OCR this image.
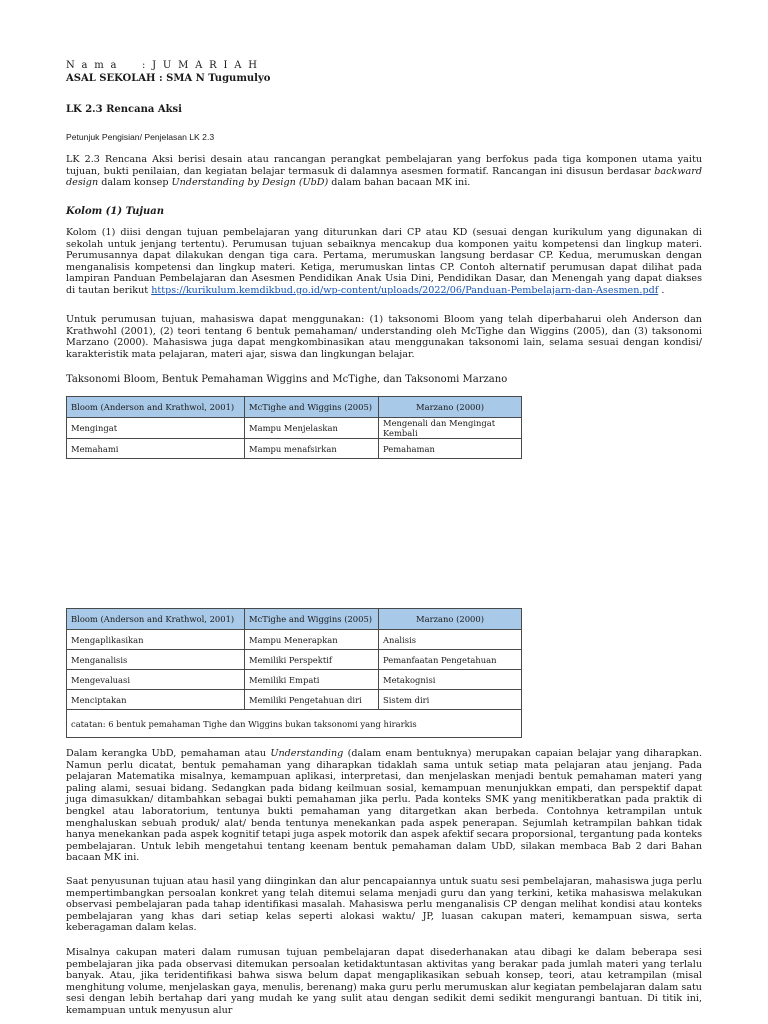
N a m a : J U M A R I A H
ASAL SEKOLAH : SMA N Tugumulyo
LK 2.3 Rencana Aksi
Petunjuk Pengisian/ Penjelasan LK 2.3
LK 2.3 Rencana Aksi berisi desain atau rancangan perangkat pembelajaran yang berfokus pada tiga komponen utama yaitu tujuan, bukti penilaian, dan kegiatan belajar termasuk di dalamnya asesmen formatif. Rancangan ini disusun berdasar backward design dalam konsep Understanding by Design (UbD) dalam bahan bacaan MK ini.
Kolom (1) Tujuan
Kolom (1) diisi dengan tujuan pembelajaran yang diturunkan dari CP atau KD (sesuai dengan kurikulum yang digunakan di sekolah untuk jenjang tertentu). Perumusan tujuan sebaiknya mencakup dua komponen yaitu kompetensi dan lingkup materi. Perumusannya dapat dilakukan dengan tiga cara. Pertama, merumuskan langsung berdasar CP. Kedua, merumuskan dengan menganalisis kompetensi dan lingkup materi. Ketiga, merumuskan lintas CP. Contoh alternatif perumusan dapat dilihat pada lampiran Panduan Pembelajaran dan Asesmen Pendidikan Anak Usia Dini, Pendidikan Dasar, dan Menengah yang dapat diakses di tautan berikut https://kurikulum.kemdikbud.go.id/wp-content/uploads/2022/06/Panduan-Pembelajarn-dan-Asesmen.pdf .
Untuk perumusan tujuan, mahasiswa dapat menggunakan: (1) taksonomi Bloom yang telah diperbaharui oleh Anderson dan Krathwohl (2001), (2) teori tentang 6 bentuk pemahaman/ understanding oleh McTighe dan Wiggins (2005), dan (3) taksonomi Marzano (2000). Mahasiswa juga dapat mengkombinasikan atau menggunakan taksonomi lain, selama sesuai dengan kondisi/ karakteristik mata pelajaran, materi ajar, siswa dan lingkungan belajar.
Taksonomi Bloom, Bentuk Pemahaman Wiggins and McTighe, dan Taksonomi Marzano
Bloom (Anderson and Krathwol, 2001)	McTighe and Wiggins (2005)	Marzano (2000)
Mengingat	Mampu Menjelaskan	Mengenali dan Mengingat Kembali
Memahami	Mampu menafsirkan	Pemahaman
Bloom (Anderson and Krathwol, 2001)	McTighe and Wiggins (2005)	Marzano (2000)
Mengaplikasikan	Mampu Menerapkan	Analisis
Menganalisis	Memiliki Perspektif	Pemanfaatan Pengetahuan
Mengevaluasi	Memiliki Empati	Metakognisi
Menciptakan	Memiliki Pengetahuan diri	Sistem diri
catatan: 6 bentuk pemahaman Tighe dan Wiggins bukan taksonomi yang hirarkis		
Dalam kerangka UbD, pemahaman atau Understanding (dalam enam bentuknya) merupakan capaian belajar yang diharapkan. Namun perlu dicatat, bentuk pemahaman yang diharapkan tidaklah sama untuk setiap mata pelajaran atau jenjang. Pada pelajaran Matematika misalnya, kemampuan aplikasi, interpretasi, dan menjelaskan menjadi bentuk pemahaman materi yang paling alami, sesuai bidang. Sedangkan pada bidang keilmuan sosial, kemampuan menunjukkan empati, dan perspektif dapat juga dimasukkan/ ditambahkan sebagai bukti pemahaman jika perlu. Pada konteks SMK yang menitikberatkan pada praktik di bengkel atau laboratorium, tentunya bukti pemahaman yang ditargetkan akan berbeda. Contohnya ketrampilan untuk menghaluskan sebuah produk/ alat/ benda tentunya menekankan pada aspek penerapan. Sejumlah ketrampilan bahkan tidak hanya menekankan pada aspek kognitif tetapi juga aspek motorik dan aspek afektif secara proporsional, tergantung pada konteks pembelajaran. Untuk lebih mengetahui tentang keenam bentuk pemahaman dalam UbD, silakan membaca Bab 2 dari Bahan bacaan MK ini.
Saat penyusunan tujuan atau hasil yang diinginkan dan alur pencapaiannya untuk suatu sesi pembelajaran, mahasiswa juga perlu mempertimbangkan persoalan konkret yang telah ditemui selama menjadi guru dan yang terkini, ketika mahasiswa melakukan observasi pembelajaran pada tahap identifikasi masalah. Mahasiswa perlu menganalisis CP dengan melihat kondisi atau konteks pembelajaran yang khas dari setiap kelas seperti alokasi waktu/ JP, luasan cakupan materi, kemampuan siswa, serta keberagaman dalam kelas.
Misalnya cakupan materi dalam rumusan tujuan pembelajaran dapat disederhanakan atau dibagi ke dalam beberapa sesi pembelajaran jika pada observasi ditemukan persoalan ketidaktuntasan aktivitas yang berakar pada jumlah materi yang terlalu banyak. Atau, jika teridentifikasi bahwa siswa belum dapat mengaplikasikan sebuah konsep, teori, atau ketrampilan (misal menghitung volume, menjelaskan gaya, menulis, berenang) maka guru perlu merumuskan alur kegiatan pembelajaran dalam satu sesi dengan lebih bertahap dari yang mudah ke yang sulit atau dengan sedikit demi sedikit mengurangi bantuan. Di titik ini, kemampuan untuk menyusun alur
